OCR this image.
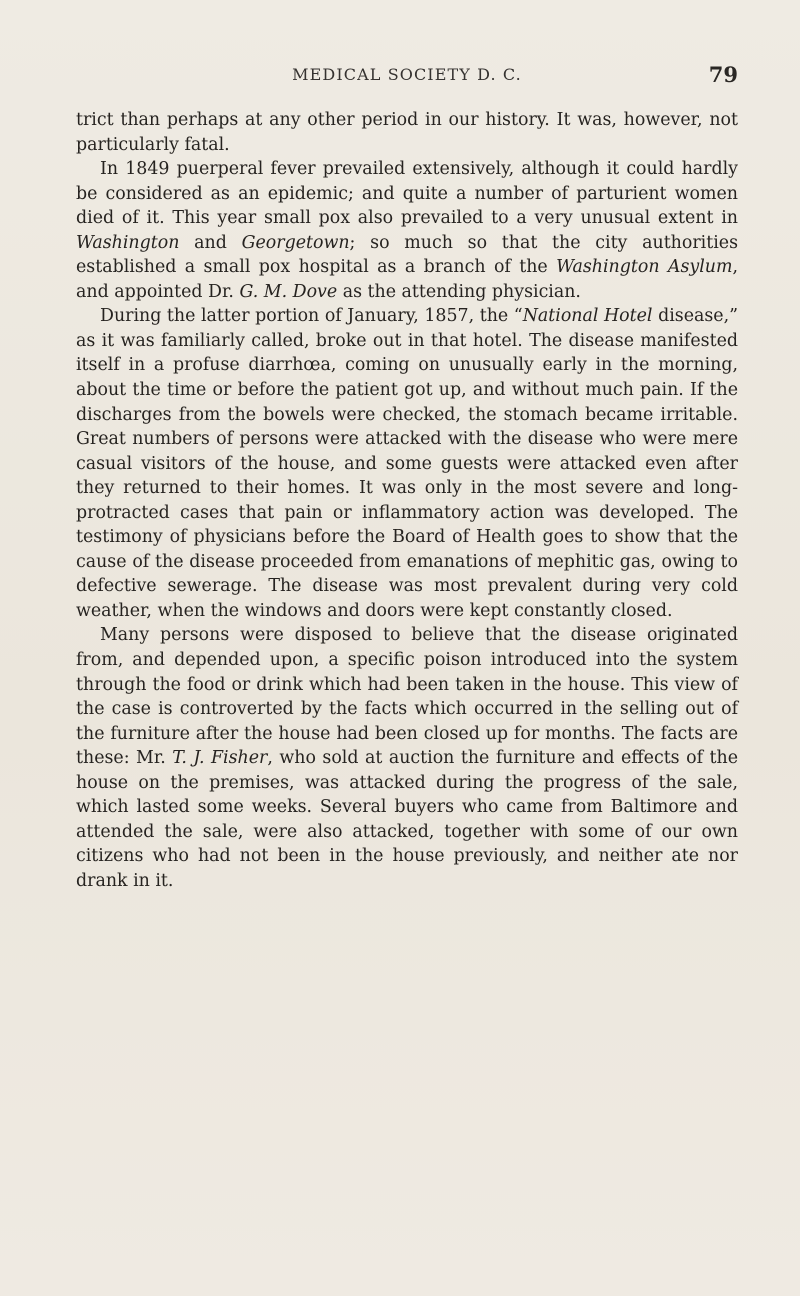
MEDICAL SOCIETY D. C.	79

trict than perhaps at any other period in our history. It was, however, not particularly fatal.

In 1849 puerperal fever prevailed extensively, although it could hardly be considered as an epidemic; and quite a number of parturient women died of it. This year small pox also prevailed to a very unusual extent in Washington and Georgetown; so much so that the city authorities established a small pox hospital as a branch of the Washington Asylum, and appointed Dr. G. M. Dove as the attending physician.

During the latter portion of January, 1857, the “National Hotel disease,” as it was familiarly called, broke out in that hotel. The disease manifested itself in a profuse diarrhœa, coming on unusually early in the morning, about the time or before the patient got up, and without much pain. If the discharges from the bowels were checked, the stomach became irritable. Great numbers of persons were attacked with the disease who were mere casual visitors of the house, and some guests were attacked even after they returned to their homes. It was only in the most severe and long-protracted cases that pain or inflammatory action was developed. The testimony of physicians before the Board of Health goes to show that the cause of the disease proceeded from emanations of mephitic gas, owing to defective sewerage. The disease was most prevalent during very cold weather, when the windows and doors were kept constantly closed.

Many persons were disposed to believe that the disease originated from, and depended upon, a specific poison introduced into the system through the food or drink which had been taken in the house. This view of the case is controverted by the facts which occurred in the selling out of the furniture after the house had been closed up for months. The facts are these: Mr. T. J. Fisher, who sold at auction the furniture and effects of the house on the premises, was attacked during the progress of the sale, which lasted some weeks. Several buyers who came from Baltimore and attended the sale, were also attacked, together with some of our own citizens who had not been in the house previously, and neither ate nor drank in it.
